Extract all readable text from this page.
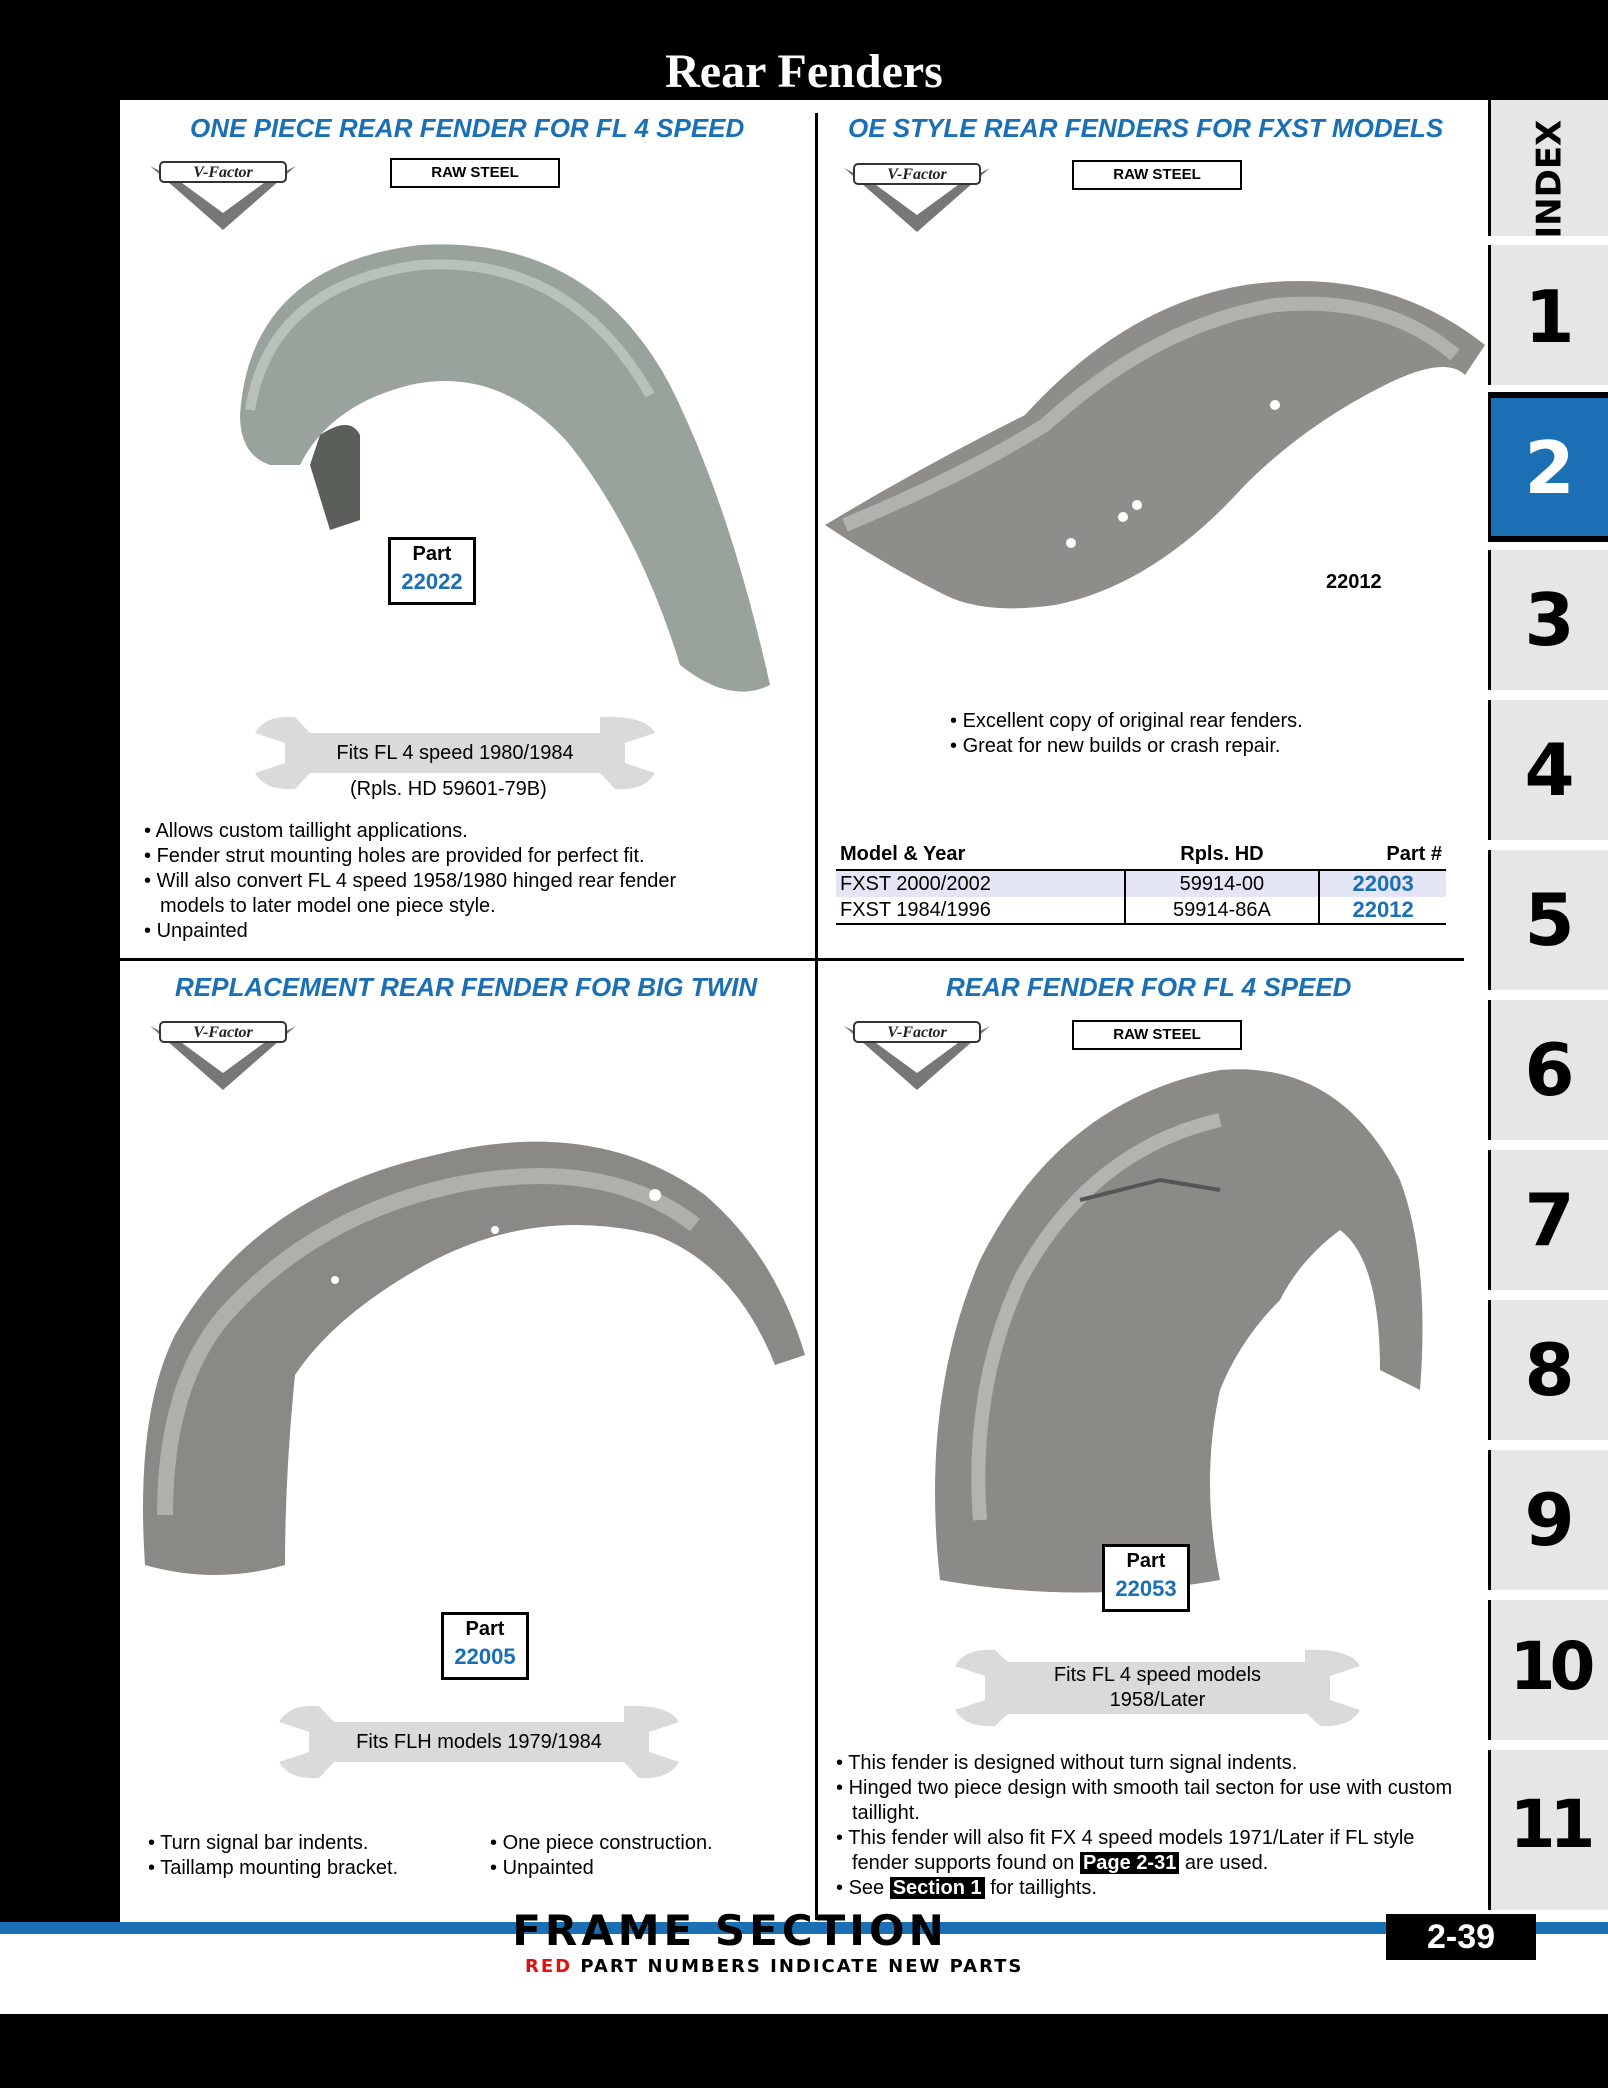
Rear Fenders
ONE PIECE REAR FENDER FOR FL 4 SPEED
V-Factor	RAW STEEL
Part
22022
Fits FL 4 speed 1980/1984
(Rpls. HD 59601-79B)
• Allows custom taillight applications.
• Fender strut mounting holes are provided for perfect fit.
• Will also convert FL 4 speed 1958/1980 hinged rear fender models to later model one piece style.
• Unpainted
OE STYLE REAR FENDERS FOR FXST MODELS
V-Factor	RAW STEEL
22012
• Excellent copy of original rear fenders.
• Great for new builds or crash repair.
Model & Year	Rpls. HD	Part #
FXST 2000/2002	59914-00	22003
FXST 1984/1996	59914-86A	22012
REPLACEMENT REAR FENDER FOR BIG TWIN
V-Factor
Part
22005
Fits FLH models 1979/1984
• Turn signal bar indents.
• Taillamp mounting bracket.
• One piece construction.
• Unpainted
REAR FENDER FOR FL 4 SPEED
V-Factor	RAW STEEL
Part
22053
Fits FL 4 speed models
1958/Later
• This fender is designed without turn signal indents.
• Hinged two piece design with smooth tail secton for use with custom taillight.
• This fender will also fit FX 4 speed models 1971/Later if FL style fender supports found on Page 2-31 are used.
• See Section 1 for taillights.
INDEX
1
2
3
4
5
6
7
8
9
10
11
FRAME SECTION
RED PART NUMBERS INDICATE NEW PARTS
2-39
